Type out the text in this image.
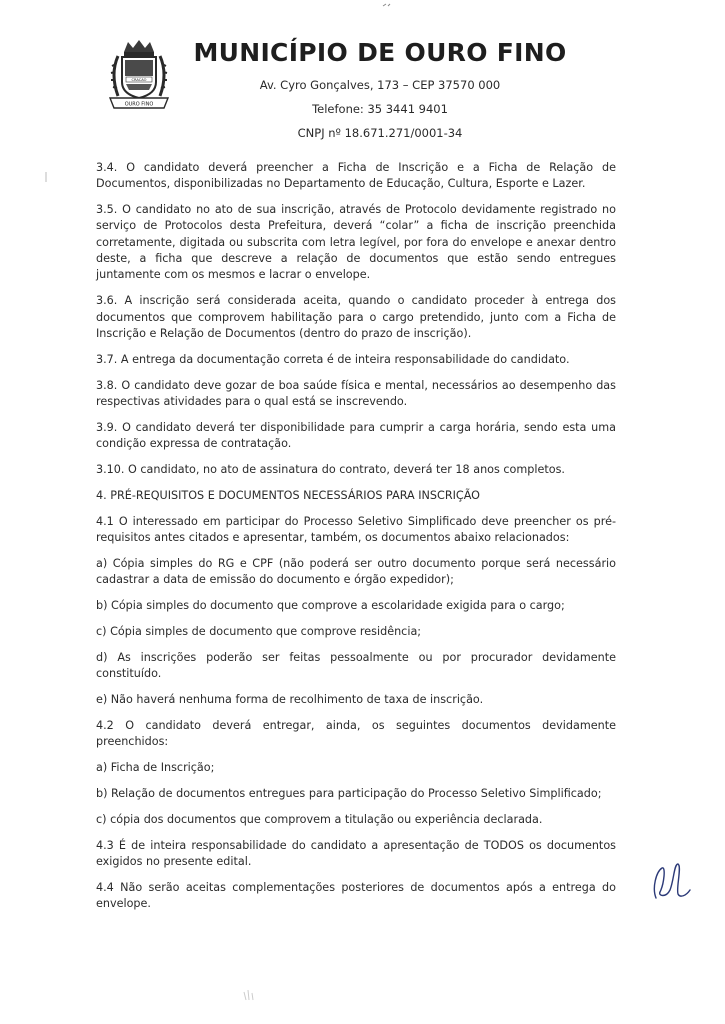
CRACAO
OURO FINO
MUNICÍPIO DE OURO FINO
Av. Cyro Gonçalves, 173 – CEP 37570 000
Telefone: 35 3441 9401
CNPJ nº 18.671.271/0001-34

3.4. O candidato deverá preencher a Ficha de Inscrição e a Ficha de Relação de Documentos, disponibilizadas no Departamento de Educação, Cultura, Esporte e Lazer.

3.5. O candidato no ato de sua inscrição, através de Protocolo devidamente registrado no serviço de Protocolos desta Prefeitura, deverá “colar” a ficha de inscrição preenchida corretamente, digitada ou subscrita com letra legível, por fora do envelope e anexar dentro deste, a ficha que descreve a relação de documentos que estão sendo entregues juntamente com os mesmos e lacrar o envelope.

3.6. A inscrição será considerada aceita, quando o candidato proceder à entrega dos documentos que comprovem habilitação para o cargo pretendido, junto com a Ficha de Inscrição e Relação de Documentos (dentro do prazo de inscrição).

3.7. A entrega da documentação correta é de inteira responsabilidade do candidato.

3.8. O candidato deve gozar de boa saúde física e mental, necessários ao desempenho das respectivas atividades para o qual está se inscrevendo.

3.9. O candidato deverá ter disponibilidade para cumprir a carga horária, sendo esta uma condição expressa de contratação.

3.10. O candidato, no ato de assinatura do contrato, deverá ter 18 anos completos.

4. PRÉ-REQUISITOS E DOCUMENTOS NECESSÁRIOS PARA INSCRIÇÃO

4.1 O interessado em participar do Processo Seletivo Simplificado deve preencher os pré-requisitos antes citados e apresentar, também, os documentos abaixo relacionados:

a) Cópia simples do RG e CPF (não poderá ser outro documento porque será necessário cadastrar a data de emissão do documento e órgão expedidor);

b) Cópia simples do documento que comprove a escolaridade exigida para o cargo;

c) Cópia simples de documento que comprove residência;

d) As inscrições poderão ser feitas pessoalmente ou por procurador devidamente constituído.

e) Não haverá nenhuma forma de recolhimento de taxa de inscrição.

4.2 O candidato deverá entregar, ainda, os seguintes documentos devidamente preenchidos:

a) Ficha de Inscrição;

b) Relação de documentos entregues para participação do Processo Seletivo Simplificado;

c) cópia dos documentos que comprovem a titulação ou experiência declarada.

4.3 É de inteira responsabilidade do candidato a apresentação de TODOS os documentos exigidos no presente edital.

4.4 Não serão aceitas complementações posteriores de documentos após a entrega do envelope.
